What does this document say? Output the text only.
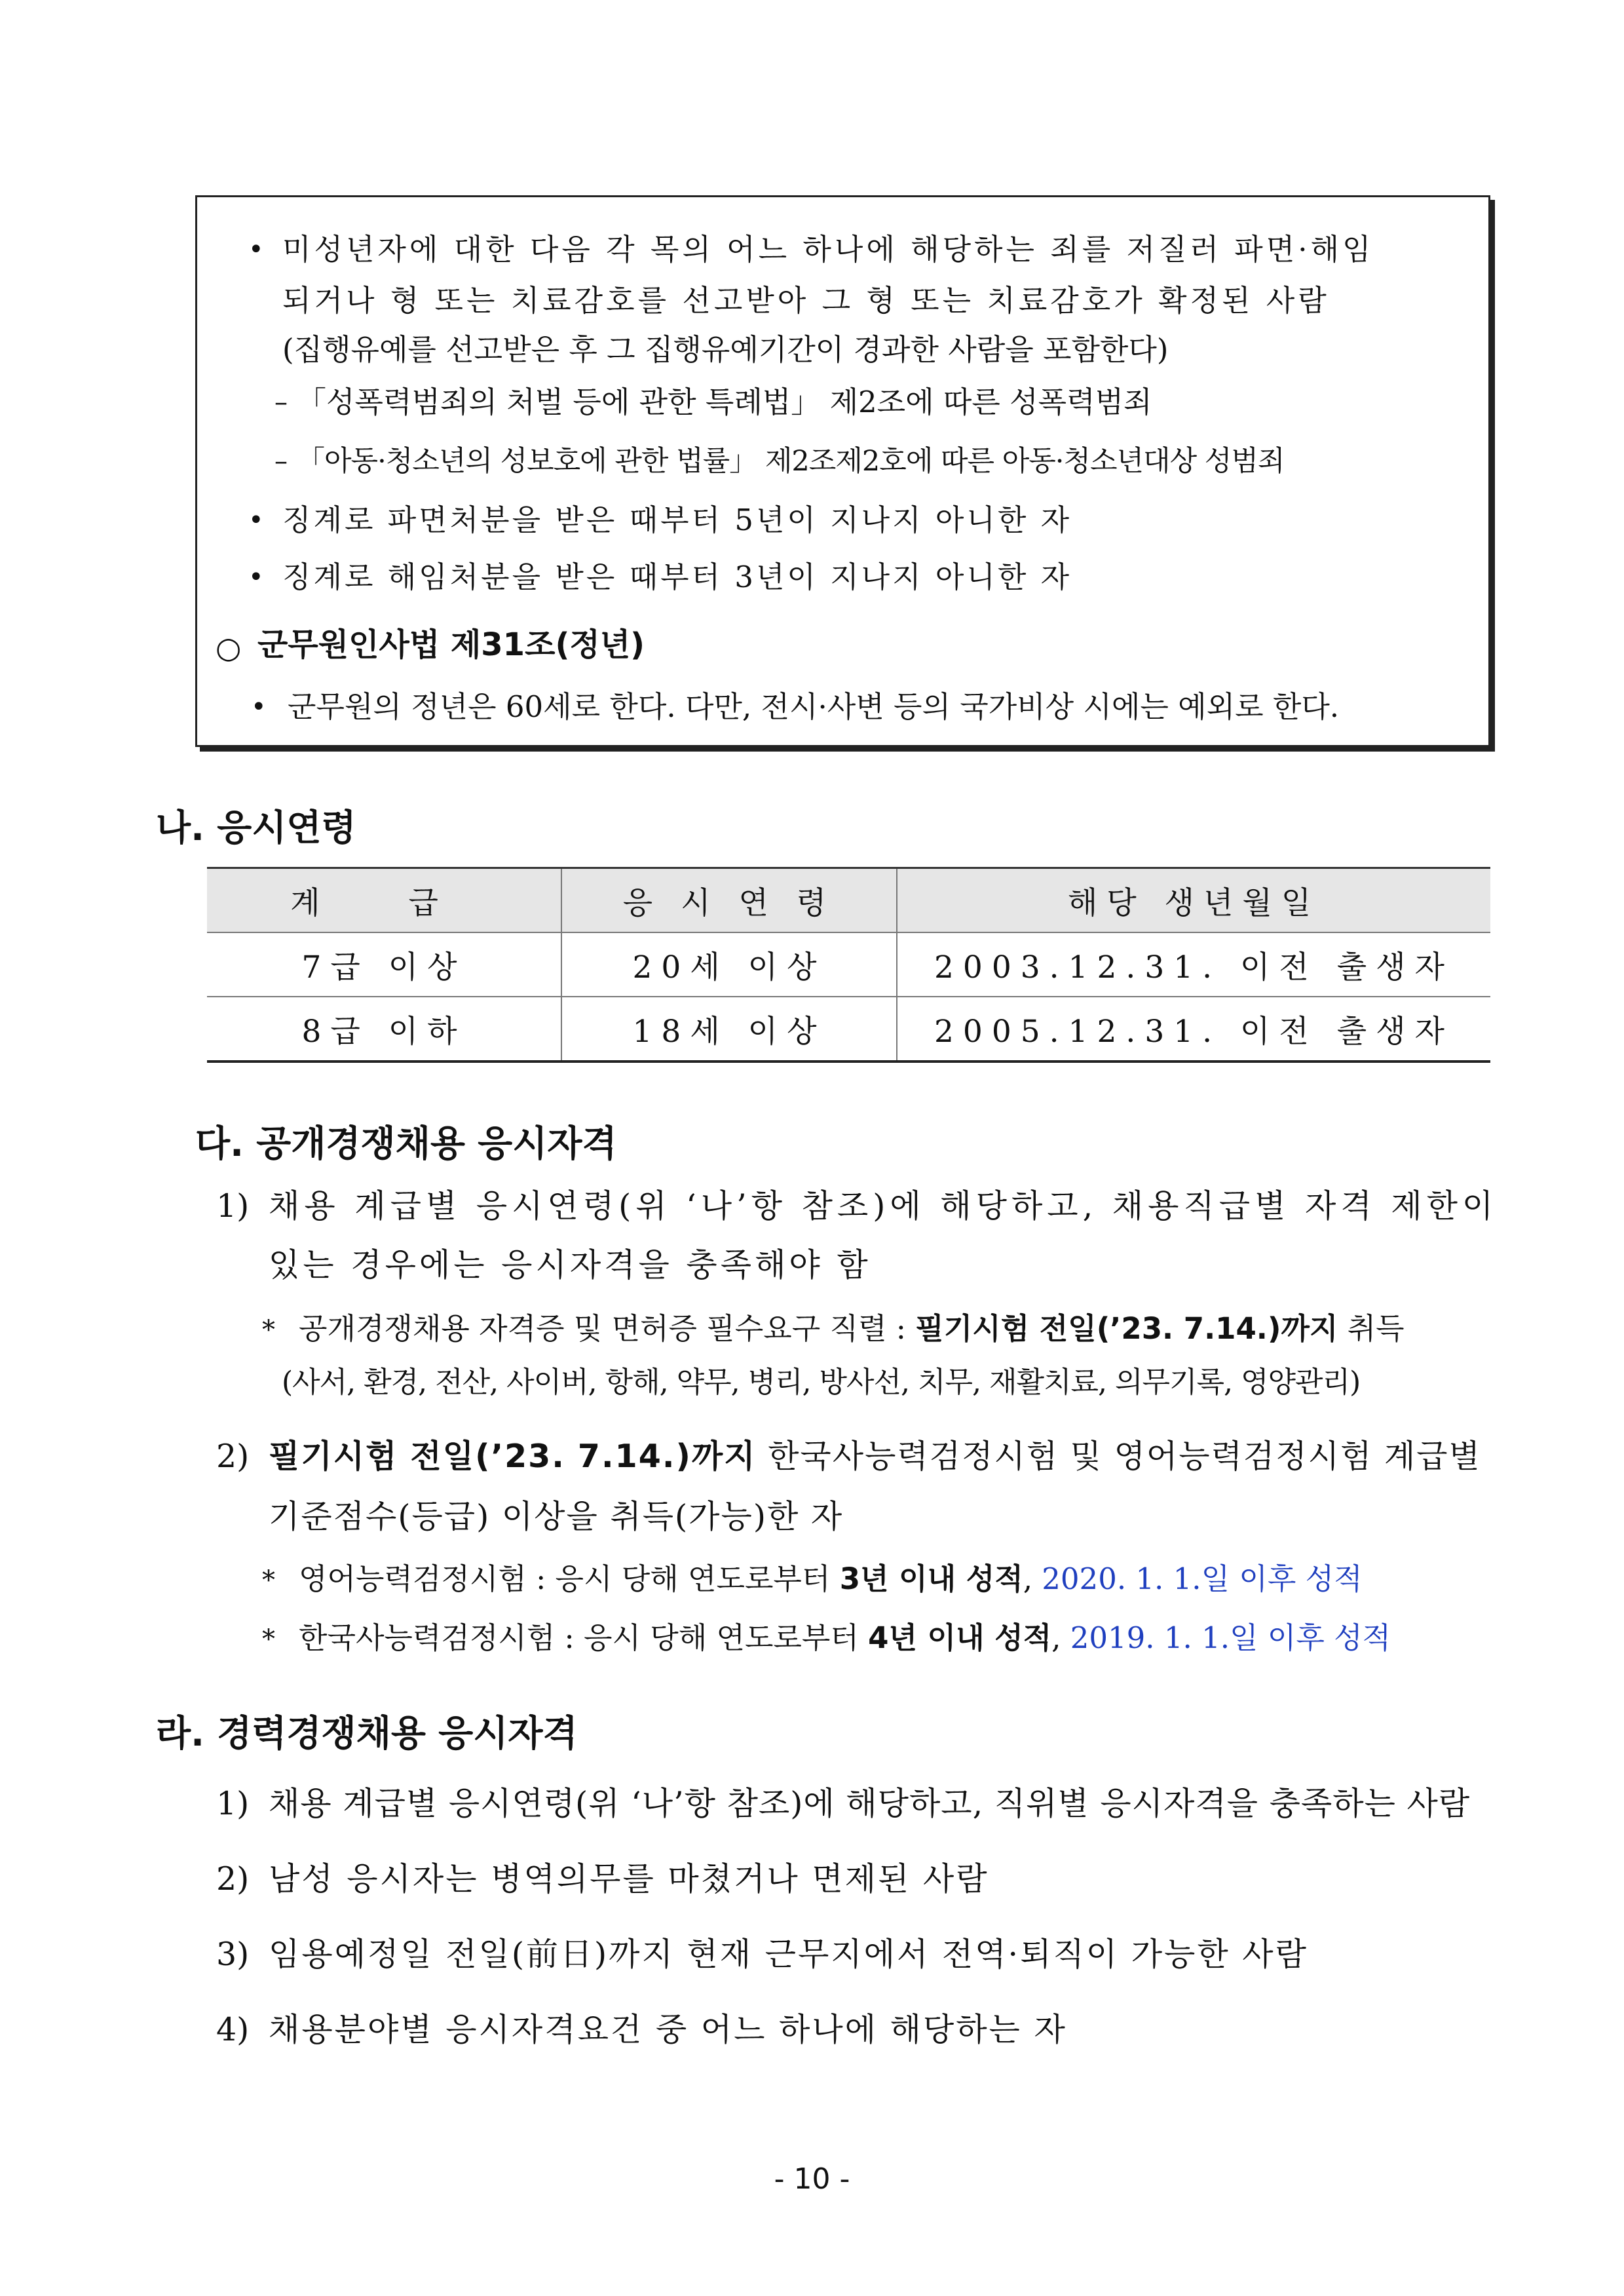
• 미성년자에 대한 다음 각 목의 어느 하나에 해당하는 죄를 저질러 파면·해임
되거나 형 또는 치료감호를 선고받아 그 형 또는 치료감호가 확정된 사람
(집행유예를 선고받은 후 그 집행유예기간이 경과한 사람을 포함한다)
– 「성폭력범죄의 처벌 등에 관한 특례법」 제2조에 따른 성폭력범죄
– 「아동·청소년의 성보호에 관한 법률」 제2조제2호에 따른 아동·청소년대상 성범죄
• 징계로 파면처분을 받은 때부터 5년이 지나지 아니한 자
• 징계로 해임처분을 받은 때부터 3년이 지나지 아니한 자
○ 군무원인사법 제31조(정년)
• 군무원의 정년은 60세로 한다. 다만, 전시·사변 등의 국가비상 시에는 예외로 한다.
나. 응시연령
계 급	응 시 연 령	해당 생년월일
7급 이상	20세 이상	2003.12.31. 이전 출생자
8급 이하	18세 이상	2005.12.31. 이전 출생자
다. 공개경쟁채용 응시자격
1) 채용 계급별 응시연령(위 ‘나’항 참조)에 해당하고, 채용직급별 자격 제한이
있는 경우에는 응시자격을 충족해야 함
* 공개경쟁채용 자격증 및 면허증 필수요구 직렬 : 필기시험 전일(’23. 7.14.)까지 취득
(사서, 환경, 전산, 사이버, 항해, 약무, 병리, 방사선, 치무, 재활치료, 의무기록, 영양관리)
2) 필기시험 전일(’23. 7.14.)까지 한국사능력검정시험 및 영어능력검정시험 계급별
기준점수(등급) 이상을 취득(가능)한 자
* 영어능력검정시험 : 응시 당해 연도로부터 3년 이내 성적, 2020. 1. 1.일 이후 성적
* 한국사능력검정시험 : 응시 당해 연도로부터 4년 이내 성적, 2019. 1. 1.일 이후 성적
라. 경력경쟁채용 응시자격
1) 채용 계급별 응시연령(위 ‘나’항 참조)에 해당하고, 직위별 응시자격을 충족하는 사람
2) 남성 응시자는 병역의무를 마쳤거나 면제된 사람
3) 임용예정일 전일(前日)까지 현재 근무지에서 전역·퇴직이 가능한 사람
4) 채용분야별 응시자격요건 중 어느 하나에 해당하는 자
- 10 -
